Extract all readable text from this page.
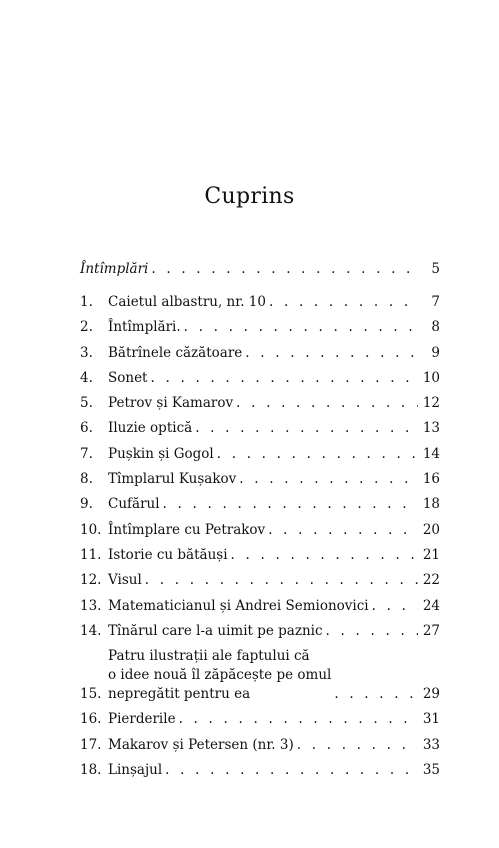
Cuprins
Întîmplări . . .	5
1.	Caietul albastru, nr. 10 . . .	7
2.	Întîmplări. . . .	8
3.	Bătrînele căzătoare . . .	9
4.	Sonet . . .	10
5.	Petrov și Kamarov . . .	12
6.	Iluzie optică . . .	13
7.	Pușkin și Gogol . . .	14
8.	Tîmplarul Kușakov . . .	16
9.	Cufărul . . .	18
10. Întîmplare cu Petrakov . . .	20
11. Istorie cu bătăuși . . .	21
12. Visul . . .	22
13. Matematicianul și Andrei Semionovici . . .	24
14. Tînărul care l-a uimit pe paznic . . .	27
15.
Patru ilustrații ale faptului că
o idee nouă îl zăpăcește pe omul
nepregătit pentru ea . . .	29
16. Pierderile . . .	31
17. Makarov și Petersen (nr. 3) . . .	33
18. Linșajul . . .	35
